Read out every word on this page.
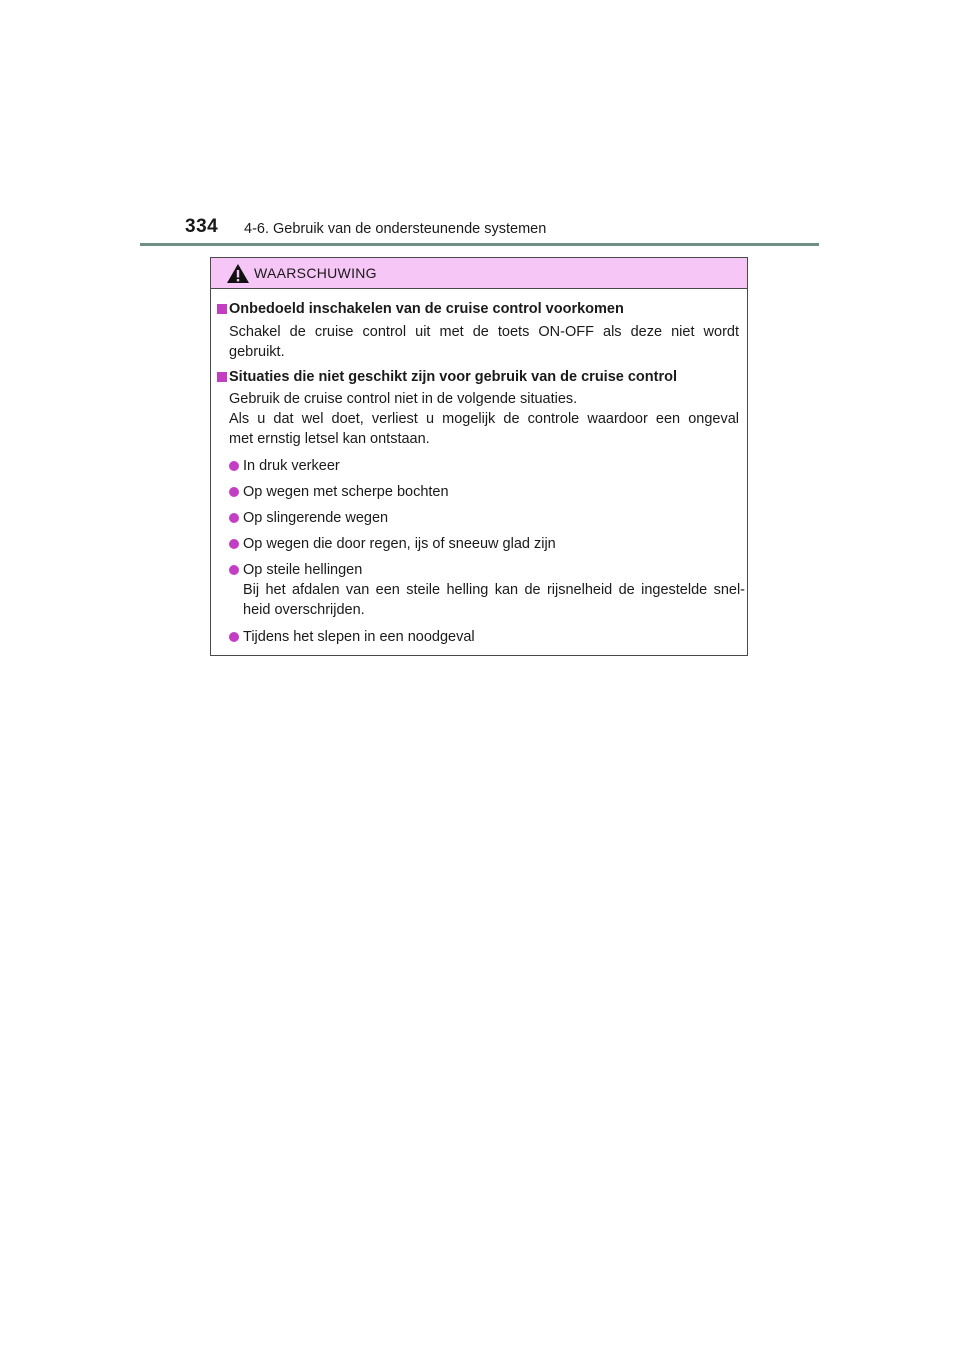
334 4-6. Gebruik van de ondersteunende systemen
WAARSCHUWING
Onbedoeld inschakelen van de cruise control voorkomen
Schakel de cruise control uit met de toets ON-OFF als deze niet wordt
gebruikt.
Situaties die niet geschikt zijn voor gebruik van de cruise control
Gebruik de cruise control niet in de volgende situaties.
Als u dat wel doet, verliest u mogelijk de controle waardoor een ongeval
met ernstig letsel kan ontstaan.
In druk verkeer
Op wegen met scherpe bochten
Op slingerende wegen
Op wegen die door regen, ijs of sneeuw glad zijn
Op steile hellingen
Bij het afdalen van een steile helling kan de rijsnelheid de ingestelde snel-
heid overschrijden.
Tijdens het slepen in een noodgeval
